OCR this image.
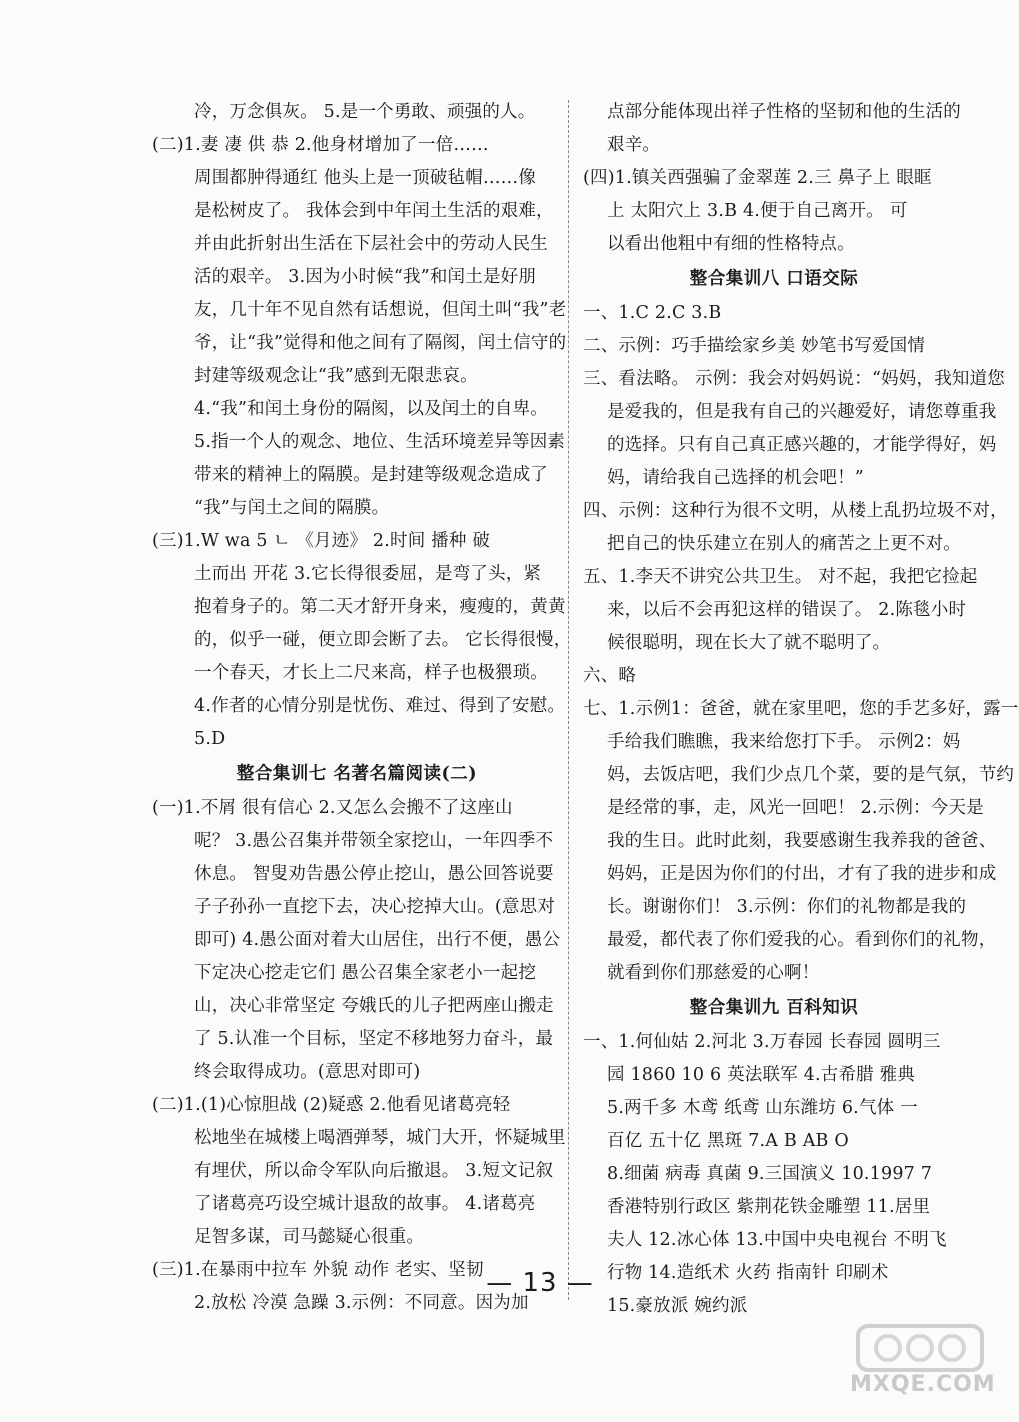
冷，万念俱灰。 5.是一个勇敢、顽强的人。
(二)1.妻 凄 供 恭 2.他身材增加了一倍……
周围都肿得通红 他头上是一顶破毡帽……像
是松树皮了。 我体会到中年闰土生活的艰难，
并由此折射出生活在下层社会中的劳动人民生
活的艰辛。 3.因为小时候“我”和闰土是好朋
友，几十年不见自然有话想说，但闰土叫“我”老
爷，让“我”觉得和他之间有了隔阂，闰土信守的
封建等级观念让“我”感到无限悲哀。
4.“我”和闰土身份的隔阂，以及闰土的自卑。
5.指一个人的观念、地位、生活环境差异等因素
带来的精神上的隔膜。是封建等级观念造成了
“我”与闰土之间的隔膜。
(三)1.W wa 5 ㄴ 《月迹》 2.时间 播种 破
土而出 开花 3.它长得很委屈，是弯了头，紧
抱着身子的。第二天才舒开身来，瘦瘦的，黄黄
的，似乎一碰，便立即会断了去。 它长得很慢，
一个春天，才长上二尺来高，样子也极猥琐。
4.作者的心情分别是忧伤、难过、得到了安慰。
5.D
整合集训七 名著名篇阅读(二)
(一)1.不屑 很有信心 2.又怎么会搬不了这座山
呢？ 3.愚公召集并带领全家挖山，一年四季不
休息。 智叟劝告愚公停止挖山，愚公回答说要
子子孙孙一直挖下去，决心挖掉大山。(意思对
即可) 4.愚公面对着大山居住，出行不便，愚公
下定决心挖走它们 愚公召集全家老小一起挖
山，决心非常坚定 夸娥氏的儿子把两座山搬走
了 5.认准一个目标，坚定不移地努力奋斗，最
终会取得成功。(意思对即可)
(二)1.(1)心惊胆战 (2)疑惑 2.他看见诸葛亮轻
松地坐在城楼上喝酒弹琴，城门大开，怀疑城里
有埋伏，所以命令军队向后撤退。 3.短文记叙
了诸葛亮巧设空城计退敌的故事。 4.诸葛亮
足智多谋，司马懿疑心很重。
(三)1.在暴雨中拉车 外貌 动作 老实、坚韧
2.放松 冷漠 急躁 3.示例：不同意。因为加
点部分能体现出祥子性格的坚韧和他的生活的
艰辛。
(四)1.镇关西强骗了金翠莲 2.三 鼻子上 眼眶
上 太阳穴上 3.B 4.便于自己离开。 可
以看出他粗中有细的性格特点。
整合集训八 口语交际
一、1.C 2.C 3.B
二、示例：巧手描绘家乡美 妙笔书写爱国情
三、看法略。 示例：我会对妈妈说：“妈妈，我知道您
是爱我的，但是我有自己的兴趣爱好，请您尊重我
的选择。只有自己真正感兴趣的，才能学得好，妈
妈，请给我自己选择的机会吧！”
四、示例：这种行为很不文明，从楼上乱扔垃圾不对，
把自己的快乐建立在别人的痛苦之上更不对。
五、1.李天不讲究公共卫生。 对不起，我把它捡起
来，以后不会再犯这样的错误了。 2.陈毯小时
候很聪明，现在长大了就不聪明了。
六、略
七、1.示例1：爸爸，就在家里吧，您的手艺多好，露一
手给我们瞧瞧，我来给您打下手。 示例2：妈
妈，去饭店吧，我们少点几个菜，要的是气氛，节约
是经常的事，走，风光一回吧！ 2.示例：今天是
我的生日。此时此刻，我要感谢生我养我的爸爸、
妈妈，正是因为你们的付出，才有了我的进步和成
长。谢谢你们！ 3.示例：你们的礼物都是我的
最爱，都代表了你们爱我的心。看到你们的礼物，
就看到你们那慈爱的心啊！
整合集训九 百科知识
一、1.何仙姑 2.河北 3.万春园 长春园 圆明三
园 1860 10 6 英法联军 4.古希腊 雅典
5.两千多 木鸢 纸鸢 山东潍坊 6.气体 一
百亿 五十亿 黑斑 7.A B AB O
8.细菌 病毒 真菌 9.三国演义 10.1997 7
香港特别行政区 紫荆花铁金雕塑 11.居里
夫人 12.冰心体 13.中国中央电视台 不明飞
行物 14.造纸术 火药 指南针 印刷术
15.豪放派 婉约派
— 13 —
MXQE.COM
